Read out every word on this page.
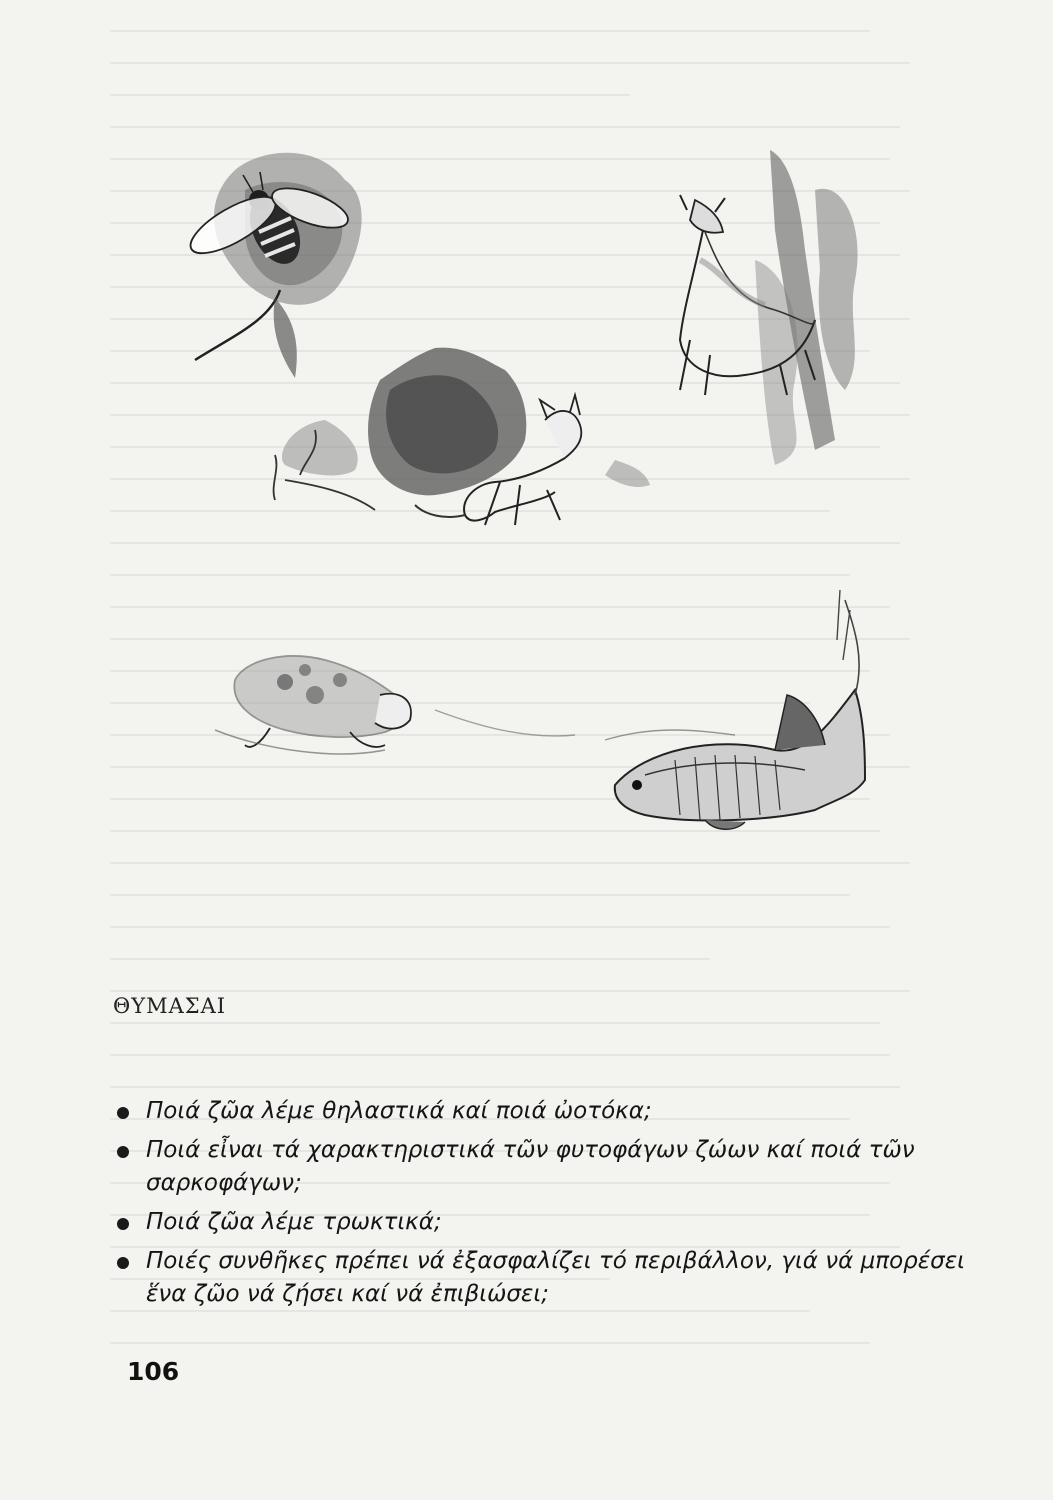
ΘΥΜΑΣΑΙ
Ποιά ζῶα λέμε θηλαστικά καί ποιά ὠοτόκα;
Ποιά εἶναι τά χαρακτηριστικά τῶν φυτοφάγων ζώων καί ποιά τῶν σαρκοφάγων;
Ποιά ζῶα λέμε τρωκτικά;
Ποιές συνθῆκες πρέπει νά ἐξασφαλίζει τό περιβάλλον, γιά νά μπορέσει ἕνα ζῶο νά ζήσει καί νά ἐπιβιώσει;
106
